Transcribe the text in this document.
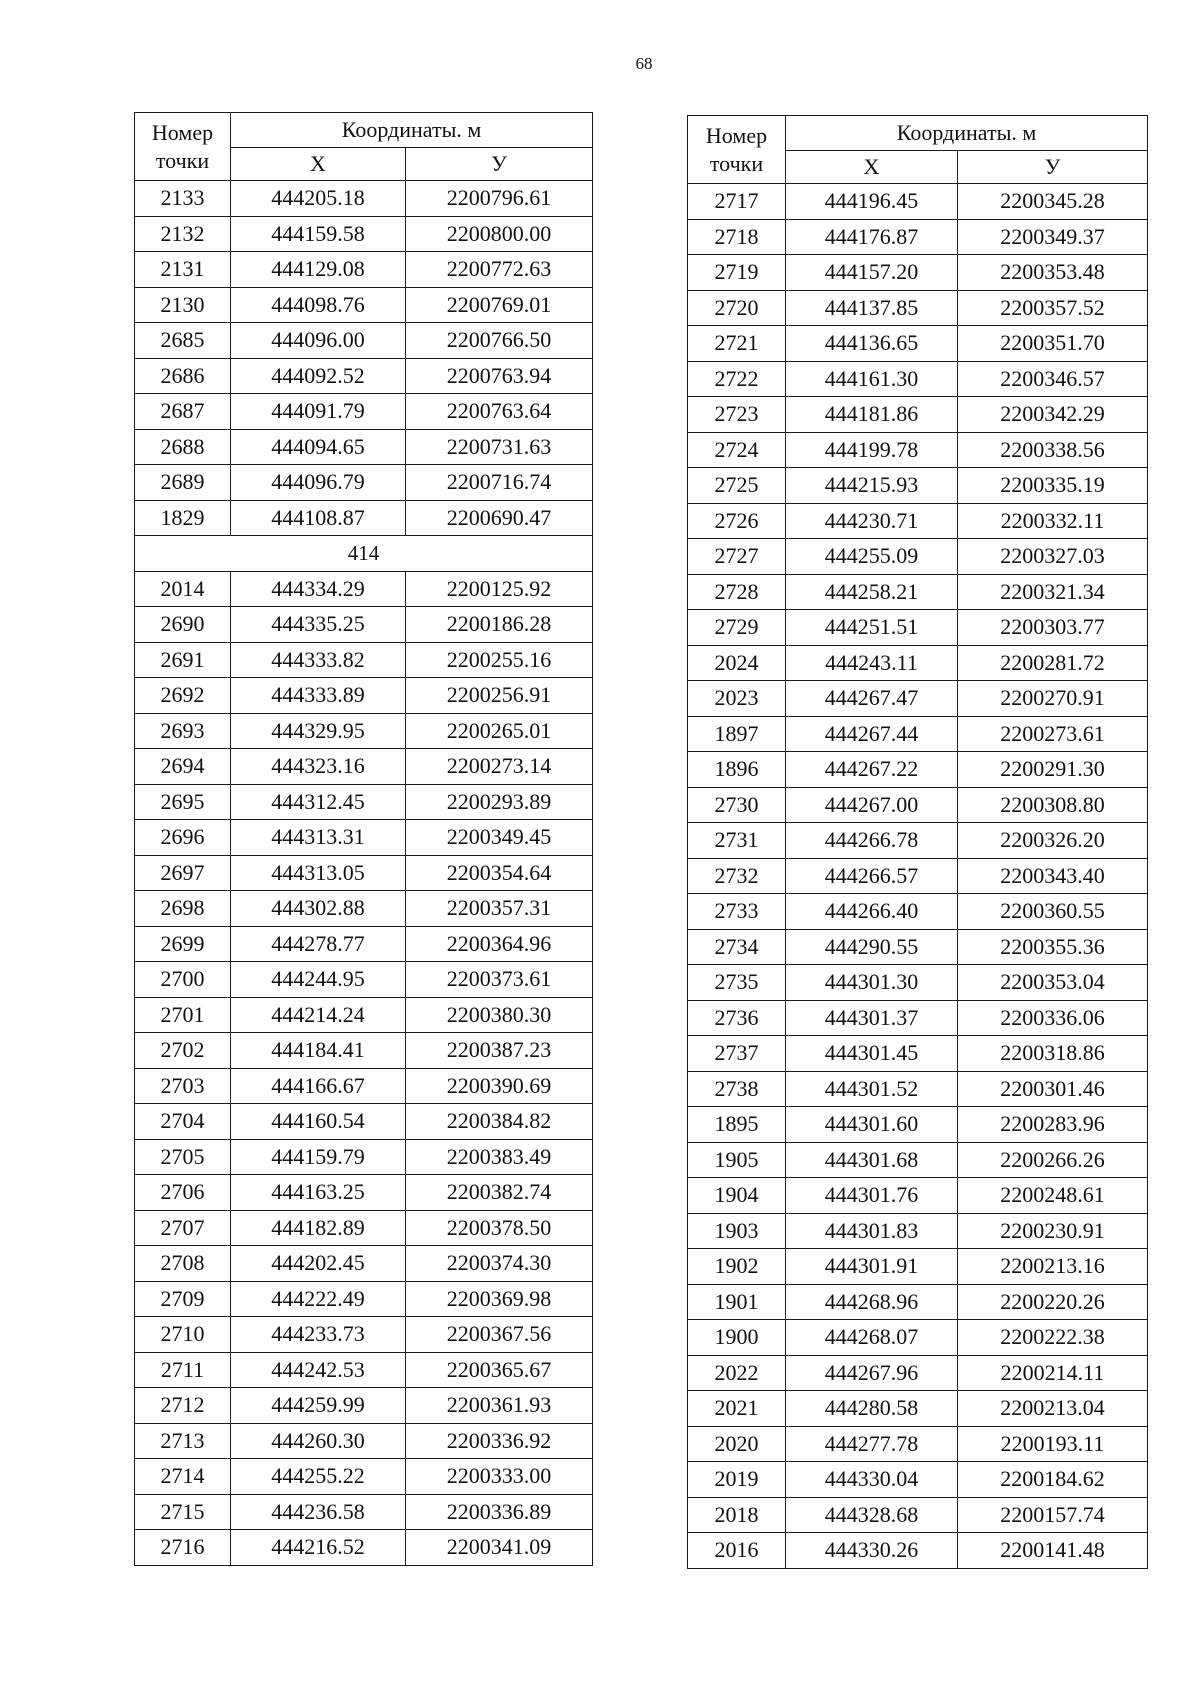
68
Номер
точки	Координаты. м	
	X	У
2133	444205.18	2200796.61
2132	444159.58	2200800.00
2131	444129.08	2200772.63
2130	444098.76	2200769.01
2685	444096.00	2200766.50
2686	444092.52	2200763.94
2687	444091.79	2200763.64
2688	444094.65	2200731.63
2689	444096.79	2200716.74
1829	444108.87	2200690.47
414		
2014	444334.29	2200125.92
2690	444335.25	2200186.28
2691	444333.82	2200255.16
2692	444333.89	2200256.91
2693	444329.95	2200265.01
2694	444323.16	2200273.14
2695	444312.45	2200293.89
2696	444313.31	2200349.45
2697	444313.05	2200354.64
2698	444302.88	2200357.31
2699	444278.77	2200364.96
2700	444244.95	2200373.61
2701	444214.24	2200380.30
2702	444184.41	2200387.23
2703	444166.67	2200390.69
2704	444160.54	2200384.82
2705	444159.79	2200383.49
2706	444163.25	2200382.74
2707	444182.89	2200378.50
2708	444202.45	2200374.30
2709	444222.49	2200369.98
2710	444233.73	2200367.56
2711	444242.53	2200365.67
2712	444259.99	2200361.93
2713	444260.30	2200336.92
2714	444255.22	2200333.00
2715	444236.58	2200336.89
2716	444216.52	2200341.09
Номер
точки	Координаты. м	
	X	У
2717	444196.45	2200345.28
2718	444176.87	2200349.37
2719	444157.20	2200353.48
2720	444137.85	2200357.52
2721	444136.65	2200351.70
2722	444161.30	2200346.57
2723	444181.86	2200342.29
2724	444199.78	2200338.56
2725	444215.93	2200335.19
2726	444230.71	2200332.11
2727	444255.09	2200327.03
2728	444258.21	2200321.34
2729	444251.51	2200303.77
2024	444243.11	2200281.72
2023	444267.47	2200270.91
1897	444267.44	2200273.61
1896	444267.22	2200291.30
2730	444267.00	2200308.80
2731	444266.78	2200326.20
2732	444266.57	2200343.40
2733	444266.40	2200360.55
2734	444290.55	2200355.36
2735	444301.30	2200353.04
2736	444301.37	2200336.06
2737	444301.45	2200318.86
2738	444301.52	2200301.46
1895	444301.60	2200283.96
1905	444301.68	2200266.26
1904	444301.76	2200248.61
1903	444301.83	2200230.91
1902	444301.91	2200213.16
1901	444268.96	2200220.26
1900	444268.07	2200222.38
2022	444267.96	2200214.11
2021	444280.58	2200213.04
2020	444277.78	2200193.11
2019	444330.04	2200184.62
2018	444328.68	2200157.74
2016	444330.26	2200141.48
